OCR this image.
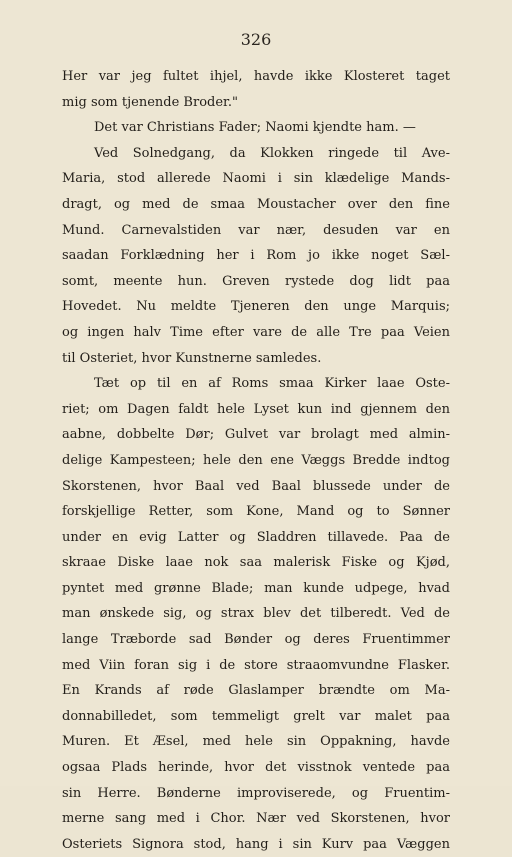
326
Her var jeg fultet ihjel, havde ikke Klosteret taget
mig som tjenende Broder."
Det var Christians Fader; Naomi kjendte ham. —
Ved Solnedgang, da Klokken ringede til Ave-
Maria, stod allerede Naomi i sin klædelige Mands-
dragt, og med de smaa Moustacher over den fine
Mund. Carnevalstiden var nær, desuden var en
saadan Forklædning her i Rom jo ikke noget Sæl-
somt, meente hun. Greven rystede dog lidt paa
Hovedet. Nu meldte Tjeneren den unge Marquis;
og ingen halv Time efter vare de alle Tre paa Veien
til Osteriet, hvor Kunstnerne samledes.
Tæt op til en af Roms smaa Kirker laae Oste-
riet; om Dagen faldt hele Lyset kun ind gjennem den
aabne, dobbelte Dør; Gulvet var brolagt med almin-
delige Kampesteen; hele den ene Væggs Bredde indtog
Skorstenen, hvor Baal ved Baal blussede under de
forskjellige Retter, som Kone, Mand og to Sønner
under en evig Latter og Sladdren tillavede. Paa de
skraae Diske laae nok saa malerisk Fiske og Kjød,
pyntet med grønne Blade; man kunde udpege, hvad
man ønskede sig, og strax blev det tilberedt. Ved de
lange Træborde sad Bønder og deres Fruentimmer
med Viin foran sig i de store straaomvundne Flasker.
En Krands af røde Glaslamper brændte om Ma-
donnabilledet, som temmeligt grelt var malet paa
Muren. Et Æsel, med hele sin Oppakning, havde
ogsaa Plads herinde, hvor det visstnok ventede paa
sin Herre. Bønderne improviserede, og Fruentim-
merne sang med i Chor. Nær ved Skorstenen, hvor
Osteriets Signora stod, hang i sin Kurv paa Væggen
